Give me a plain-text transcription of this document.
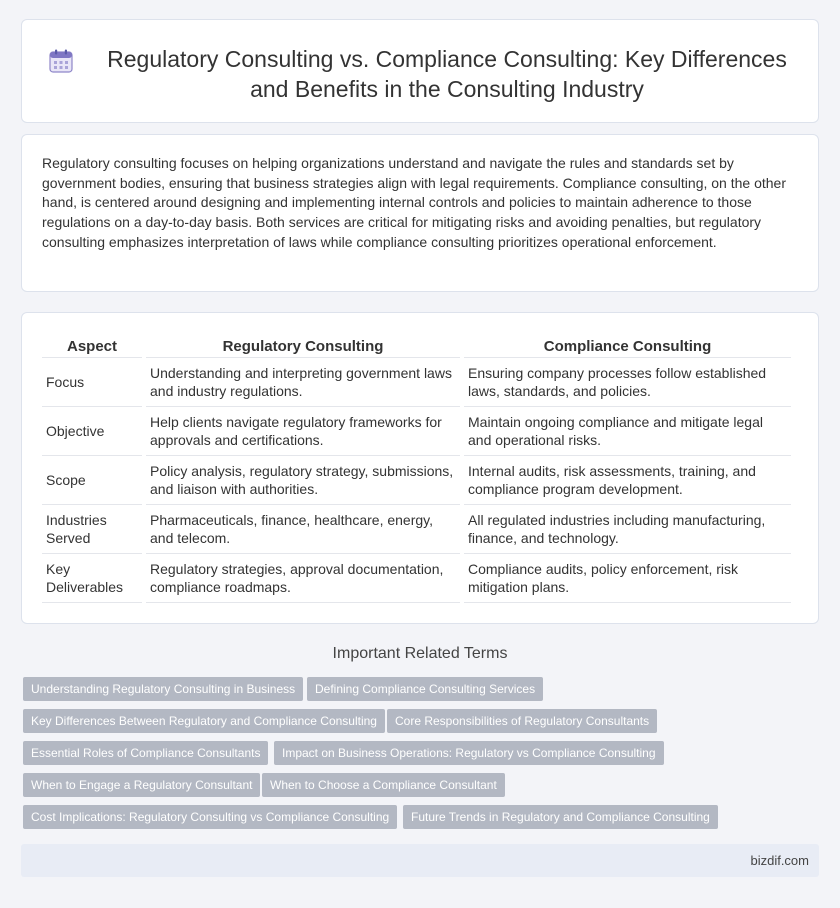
Regulatory Consulting vs. Compliance Consulting: Key Differences and Benefits in the Consulting Industry

Regulatory consulting focuses on helping organizations understand and navigate the rules and standards set by government bodies, ensuring that business strategies align with legal requirements. Compliance consulting, on the other hand, is centered around designing and implementing internal controls and policies to maintain adherence to those regulations on a day-to-day basis. Both services are critical for mitigating risks and avoiding penalties, but regulatory consulting emphasizes interpretation of laws while compliance consulting prioritizes operational enforcement.

Aspect	Regulatory Consulting	Compliance Consulting
Focus	Understanding and interpreting government laws and industry regulations.	Ensuring company processes follow established laws, standards, and policies.
Objective	Help clients navigate regulatory frameworks for approvals and certifications.	Maintain ongoing compliance and mitigate legal and operational risks.
Scope	Policy analysis, regulatory strategy, submissions, and liaison with authorities.	Internal audits, risk assessments, training, and compliance program development.
Industries Served	Pharmaceuticals, finance, healthcare, energy, and telecom.	All regulated industries including manufacturing, finance, and technology.
Key Deliverables	Regulatory strategies, approval documentation, compliance roadmaps.	Compliance audits, policy enforcement, risk mitigation plans.
Important Related Terms
Understanding Regulatory Consulting in Business	Defining Compliance Consulting Services
Key Differences Between Regulatory and Compliance Consulting	Core Responsibilities of Regulatory Consultants
Essential Roles of Compliance Consultants	Impact on Business Operations: Regulatory vs Compliance Consulting
When to Engage a Regulatory Consultant	When to Choose a Compliance Consultant
Cost Implications: Regulatory Consulting vs Compliance Consulting	Future Trends in Regulatory and Compliance Consulting
bizdif.com
